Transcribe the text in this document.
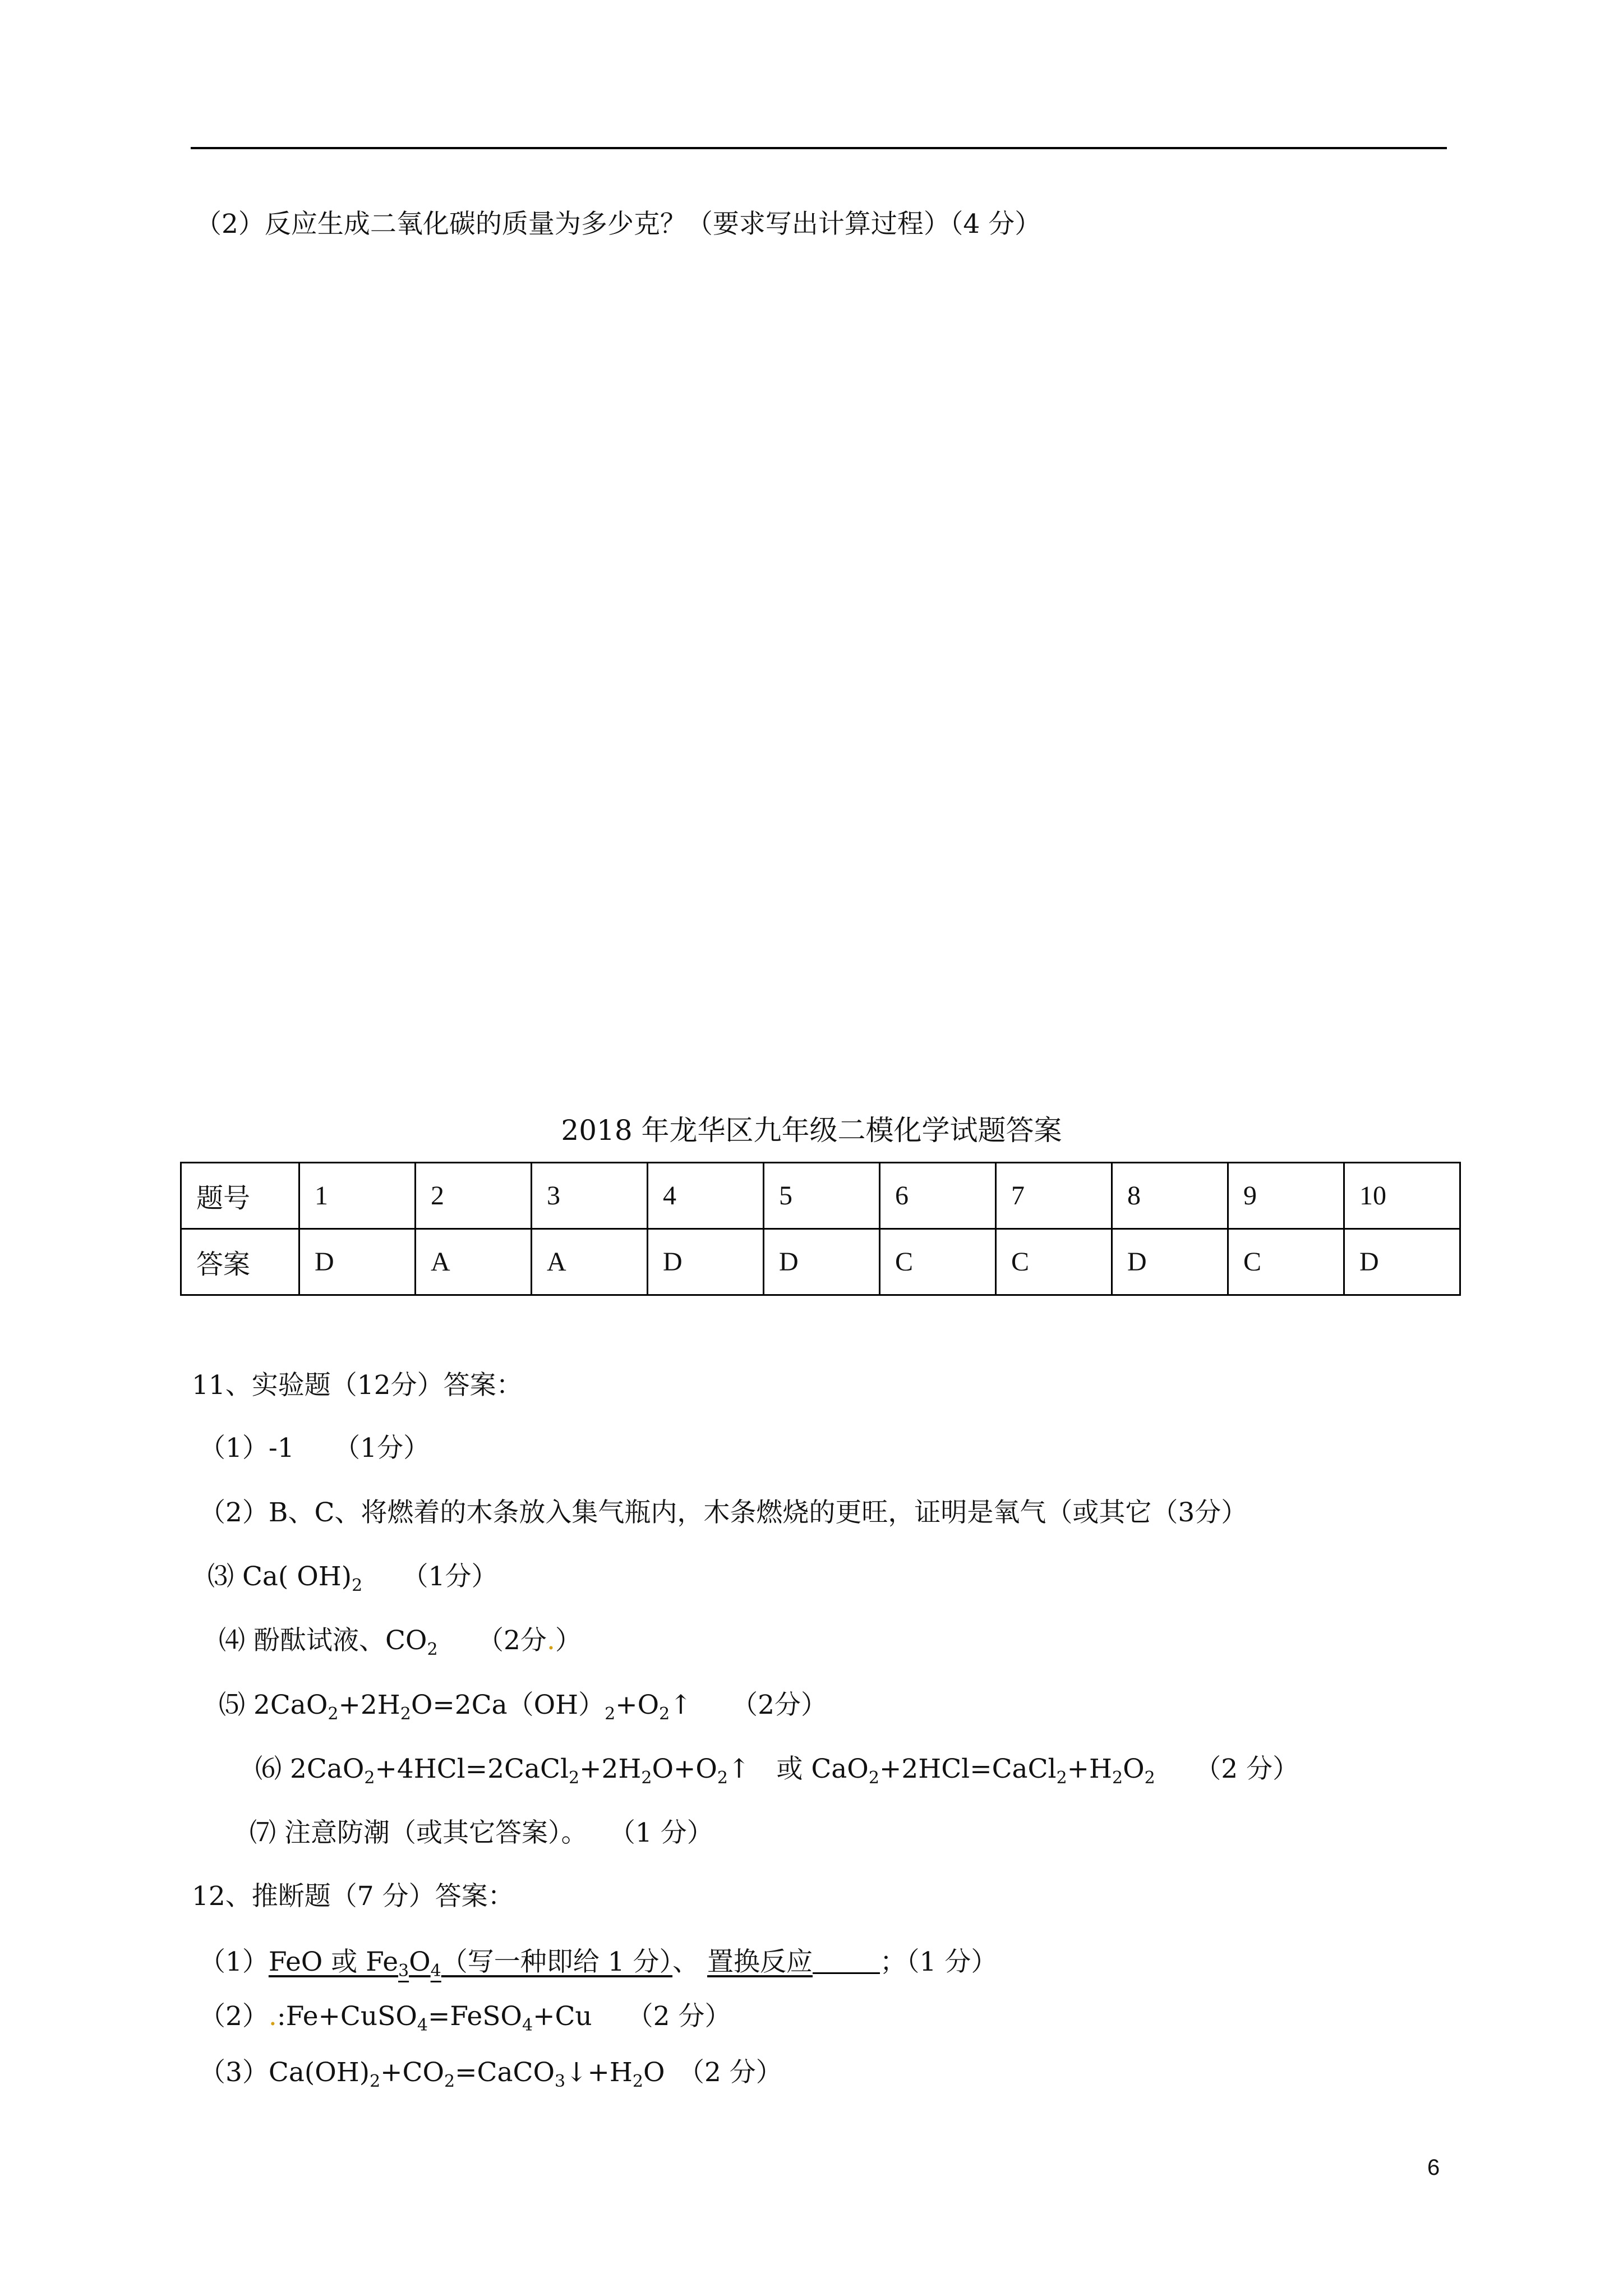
（2）反应生成二氧化碳的质量为多少克？（要求写出计算过程）（4 分）
2018 年龙华区九年级二模化学试题答案
题号	1	2	3	4	5	6	7	8	9	10
答案	D	A	A	D	D	C	C	D	C	D
11、实验题（12分）答案：
（1）-1　　（1分）
（2）B、C、将燃着的木条放入集气瓶内，木条燃烧的更旺，证明是氧气（或其它（3分）
⑶ Ca( $OH)_2$　　（1分）
⑷ 酚酞试液、$CO_2$　　（2分.）
⑸ $2CaO_2+2H_2O=2Ca(OH)_2+O_2↑$　　（2分）
⑹ $2CaO_2+4HCl=2CaCl_2+2H_2O+O_2↑$　或 $CaO_2+2HCl=CaCl_2+H_2O_2$　　（2 分）
⑺ 注意防潮（或其它答案）。　 （1 分）
12、推断题（7 分）答案：
（1）FeO 或 $Fe_3O_4$（写一种即给 1 分）、 置换反应	；（1 分）
（2）.:Fe+CuSO$_4$=FeSO$_4$+Cu　 （2 分）
$(3)Ca(OH)_2+CO_2=CaCO_3↓+H_2O$　（2 分）
6
